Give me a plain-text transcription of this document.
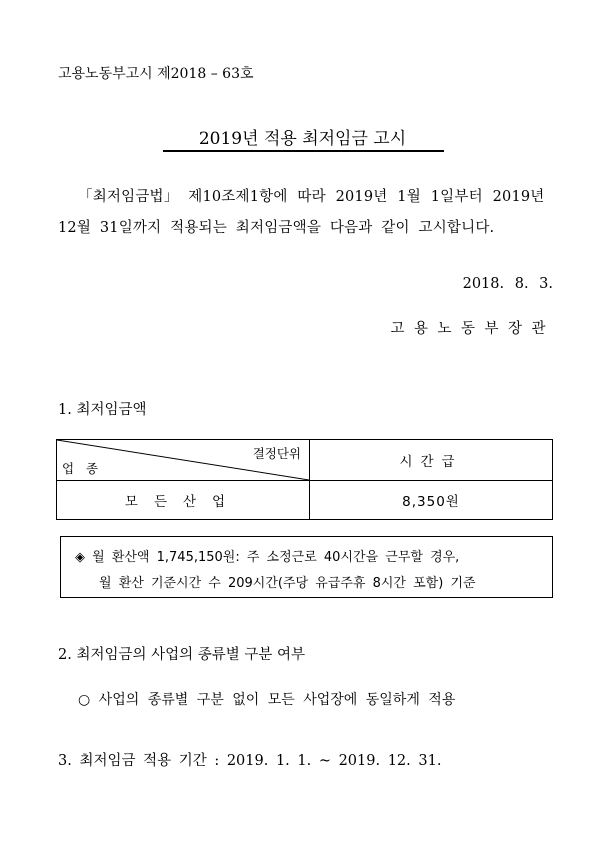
고용노동부고시 제2018 – 63호
2019년 적용 최저임금 고시
「최저임금법」 제10조제1항에 따라 2019년 1월 1일부터 2019년
12월 31일까지 적용되는 최저임금액을 다음과 같이 고시합니다.
2018. 8. 3.
고용노동부장관
1. 최저임금액
결정단위
업 종	시간급
모든산업	8,350원
◈ 월 환산액 1,745,150원: 주 소정근로 40시간을 근무할 경우,
월 환산 기준시간 수 209시간(주당 유급주휴 8시간 포함) 기준
2. 최저임금의 사업의 종류별 구분 여부
○ 사업의 종류별 구분 없이 모든 사업장에 동일하게 적용
3. 최저임금 적용 기간 : 2019. 1. 1. ~ 2019. 12. 31.
